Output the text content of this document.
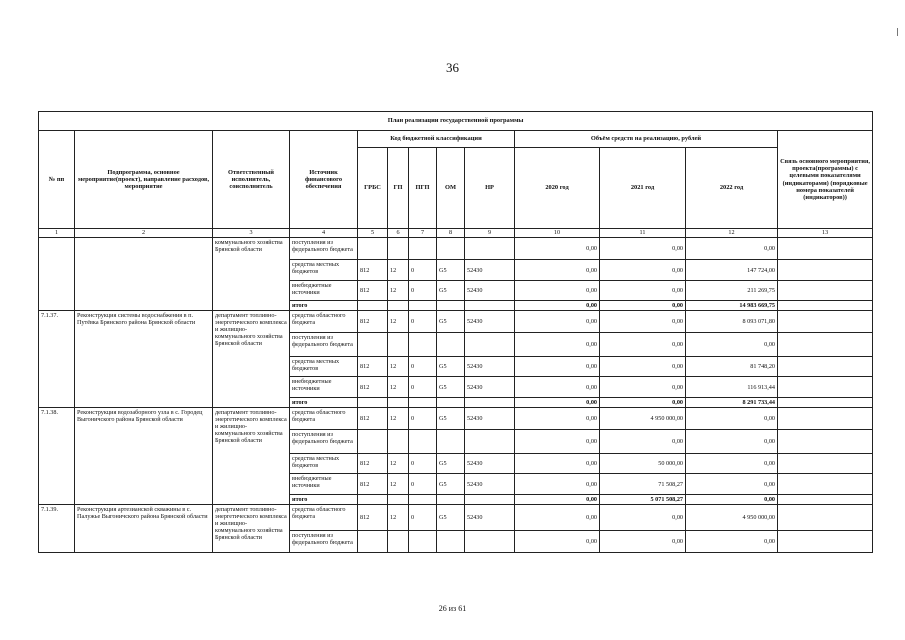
36
План реализации государственной программы												
№ пп	Подпрограмма, основное мероприятие(проект), направление расходов, мероприятие	Ответственный исполнитель, соисполнитель	Источник финансового обеспечения	Код бюджетной классификации					Объём средств на реализацию, рублей			Связь основного мероприятия, проекта(программы) с целевыми показателями (индикаторами) (порядковые номера показателей (индикаторов))
				ГРБС	ГП	ПГП	ОМ	НР	2020 год	2021 год	2022 год	
1	2	3	4	5	6	7	8	9	10	11	12	13
		коммунального хозяйства Брянской области	поступления из федерального бюджета						0,00	0,00	0,00	
			средства местных бюджетов	812	12	0	G5	52430	0,00	0,00	147 724,00	
			внебюджетные источники	812	12	0	G5	52430	0,00	0,00	211 269,75	
			итого						0,00	0,00	14 983 669,75	
7.1.37.	Реконструкция системы водоснабжения в п. Путёвка Брянского района Брянской области	департамент топливно-энергетического комплекса и жилищно-коммунального хозяйства Брянской области	средства областного бюджета	812	12	0	G5	52430	0,00	0,00	8 093 071,80	
			поступления из федерального бюджета						0,00	0,00	0,00	
			средства местных бюджетов	812	12	0	G5	52430	0,00	0,00	81 748,20	
			внебюджетные источники	812	12	0	G5	52430	0,00	0,00	116 913,44	
			итого						0,00	0,00	8 291 733,44	
7.1.38.	Реконструкция водозаборного узла в с. Городец Выгоничского района Брянской области	департамент топливно-энергетического комплекса и жилищно-коммунального хозяйства Брянской области	средства областного бюджета	812	12	0	G5	52430	0,00	4 950 000,00	0,00	
			поступления из федерального бюджета						0,00	0,00	0,00	
			средства местных бюджетов	812	12	0	G5	52430	0,00	50 000,00	0,00	
			внебюджетные источники	812	12	0	G5	52430	0,00	71 508,27	0,00	
			итого						0,00	5 071 508,27	0,00	
7.1.39.	Реконструкция артезианской скважины в с. Палужье Выгоничского района Брянской области	департамент топливно-энергетического комплекса и жилищно-коммунального хозяйства Брянской области	средства областного бюджета	812	12	0	G5	52430	0,00	0,00	4 950 000,00	
			поступления из федерального бюджета						0,00	0,00	0,00	
26 из 61
